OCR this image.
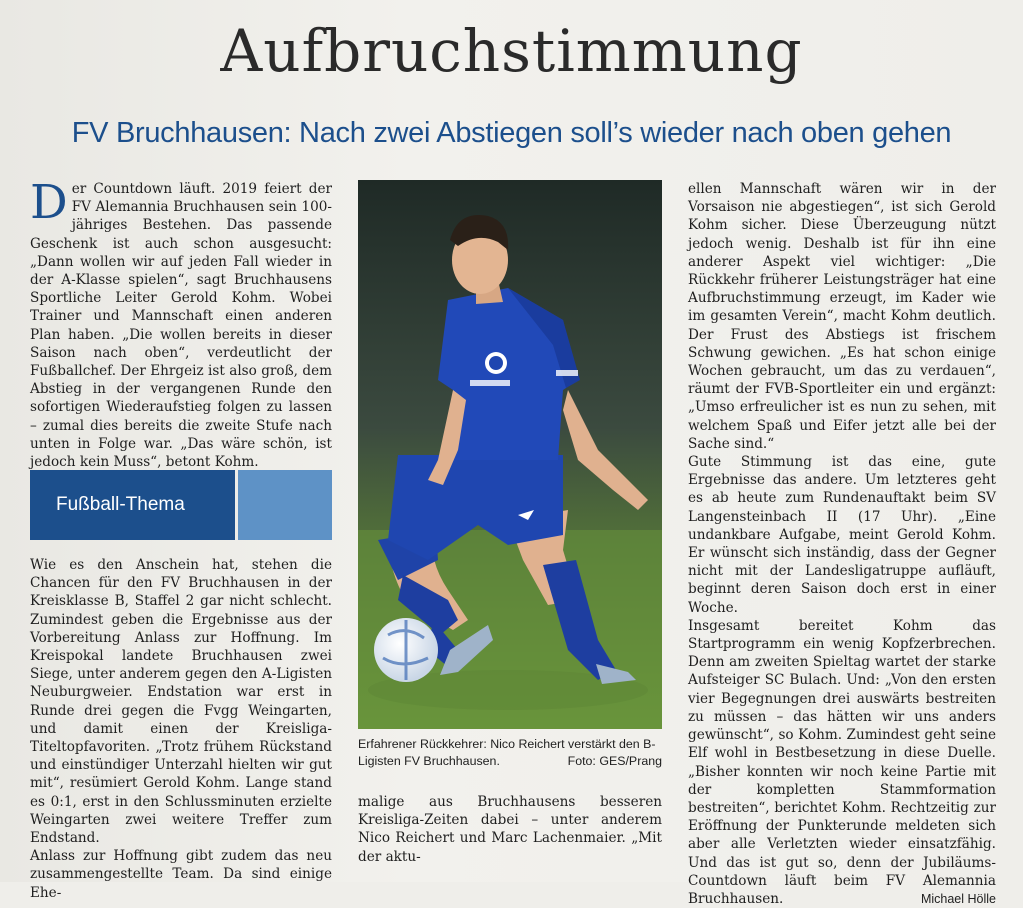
Aufbruchstimmung
FV Bruchhausen: Nach zwei Abstiegen soll’s wieder nach oben gehen

Der Countdown läuft. 2019 feiert der FV Alemannia Bruchhausen sein 100-jähriges Bestehen. Das passende Geschenk ist auch schon ausgesucht: „Dann wollen wir auf jeden Fall wieder in der A-Klasse spielen“, sagt Bruchhausens Sportliche Leiter Gerold Kohm. Wobei Trainer und Mannschaft einen anderen Plan haben. „Die wollen bereits in dieser Saison nach oben“, verdeutlicht der Fußballchef. Der Ehrgeiz ist also groß, dem Abstieg in der vergangenen Runde den sofortigen Wiederaufstieg folgen zu lassen – zumal dies bereits die zweite Stufe nach unten in Folge war. „Das wäre schön, ist jedoch kein Muss“, betont Kohm.

Fußball-Thema

Wie es den Anschein hat, stehen die Chancen für den FV Bruchhausen in der Kreisklasse B, Staffel 2 gar nicht schlecht. Zumindest geben die Ergebnisse aus der Vorbereitung Anlass zur Hoffnung. Im Kreispokal landete Bruchhausen zwei Siege, unter anderem gegen den A-Ligisten Neuburgweier. Endstation war erst in Runde drei gegen die Fvgg Weingarten, und damit einen der Kreisliga-Titeltopfavoriten. „Trotz frühem Rückstand und einstündiger Unterzahl hielten wir gut mit“, resümiert Gerold Kohm. Lange stand es 0:1, erst in den Schlussminuten erzielte Weingarten zwei weitere Treffer zum Endstand.

Anlass zur Hoffnung gibt zudem das neu zusammengestellte Team. Da sind einige Ehe-

Erfahrener Rückkehrer: Nico Reichert verstärkt den B-Ligisten FV Bruchhausen.	Foto: GES/Prang

malige aus Bruchhausens besseren Kreisliga-Zeiten dabei – unter anderem Nico Reichert und Marc Lachenmaier. „Mit der aktu-

ellen Mannschaft wären wir in der Vorsaison nie abgestiegen“, ist sich Gerold Kohm sicher. Diese Überzeugung nützt jedoch wenig. Deshalb ist für ihn eine anderer Aspekt viel wichtiger: „Die Rückkehr früherer Leistungsträger hat eine Aufbruchstimmung erzeugt, im Kader wie im gesamten Verein“, macht Kohm deutlich. Der Frust des Abstiegs ist frischem Schwung gewichen. „Es hat schon einige Wochen gebraucht, um das zu verdauen“, räumt der FVB-Sportleiter ein und ergänzt: „Umso erfreulicher ist es nun zu sehen, mit welchem Spaß und Eifer jetzt alle bei der Sache sind.“

Gute Stimmung ist das eine, gute Ergebnisse das andere. Um letzteres geht es ab heute zum Rundenauftakt beim SV Langensteinbach II (17 Uhr). „Eine undankbare Aufgabe, meint Gerold Kohm. Er wünscht sich inständig, dass der Gegner nicht mit der Landesligatruppe aufläuft, beginnt deren Saison doch erst in einer Woche.

Insgesamt bereitet Kohm das Startprogramm ein wenig Kopfzerbrechen. Denn am zweiten Spieltag wartet der starke Aufsteiger SC Bulach. Und: „Von den ersten vier Begegnungen drei auswärts bestreiten zu müssen – das hätten wir uns anders gewünscht“, so Kohm. Zumindest geht seine Elf wohl in Bestbesetzung in diese Duelle. „Bisher konnten wir noch keine Partie mit der kompletten Stammformation bestreiten“, berichtet Kohm. Rechtzeitig zur Eröffnung der Punkterunde meldeten sich aber alle Verletzten wieder einsatzfähig. Und das ist gut so, denn der Jubiläums-Countdown läuft beim FV Alemannia Bruchhausen.	Michael Hölle
